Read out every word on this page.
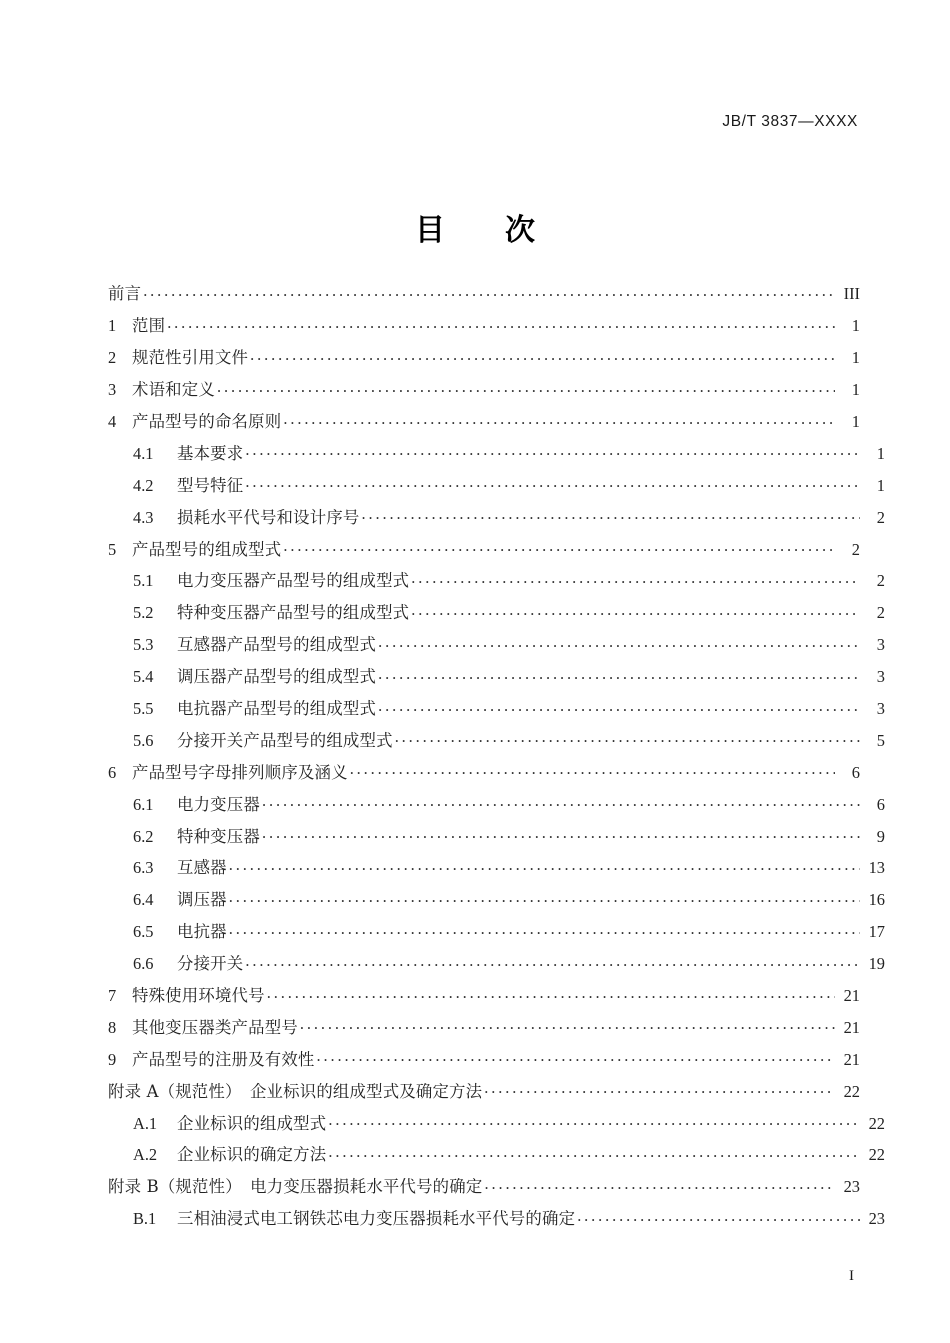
JB/T 3837—XXXX
目　次
前言 . . .	III
1 范围 . . .	1
2 规范性引用文件 . . .	1
3 术语和定义 . . .	1
4 产品型号的命名原则 . . .	1
4.1	基本要求 . . .	1
4.2	型号特征 . . .	1
4.3	损耗水平代号和设计序号 . . .	2
5 产品型号的组成型式 . . .	2
5.1	电力变压器产品型号的组成型式 . . .	2
5.2	特种变压器产品型号的组成型式 . . .	2
5.3	互感器产品型号的组成型式 . . .	3
5.4	调压器产品型号的组成型式 . . .	3
5.5	电抗器产品型号的组成型式 . . .	3
5.6	分接开关产品型号的组成型式 . . .	5
6 产品型号字母排列顺序及涵义 . . .	6
6.1	电力变压器 . . .	6
6.2	特种变压器 . . .	9
6.3	互感器 . . .	13
6.4	调压器 . . .	16
6.5	电抗器 . . .	17
6.6	分接开关 . . .	19
7 特殊使用环境代号 . . .	21
8 其他变压器类产品型号 . . .	21
9 产品型号的注册及有效性 . . .	21
附录 A（规范性）　企业标识的组成型式及确定方法 . . .	22
A.1	企业标识的组成型式 . . .	22
A.2	企业标识的确定方法 . . .	22
附录 B（规范性）　电力变压器损耗水平代号的确定 . . .	23
B.1	三相油浸式电工钢铁芯电力变压器损耗水平代号的确定 . . .	23
I
